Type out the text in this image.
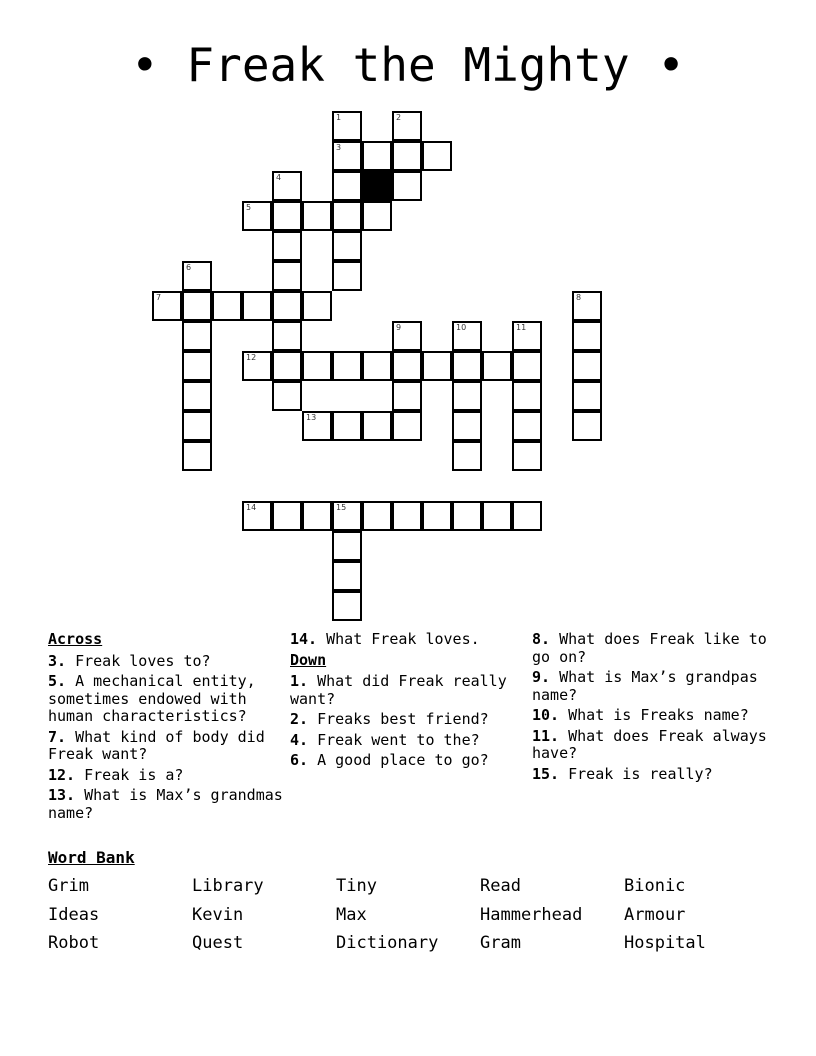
• Freak the Mighty •
1	2
3
4
5
6
7	8
9	10	11
12
13
14	15
Across
3. Freak loves to?
5. A mechanical entity, sometimes endowed with human characteristics?
7. What kind of body did Freak want?
12. Freak is a?
13. What is Max’s grandmas name?
14. What Freak loves.
Down
1. What did Freak really want?
2. Freaks best friend?
4. Freak went to the?
6. A good place to go?
8. What does Freak like to go on?
9. What is Max’s grandpas name?
10. What is Freaks name?
11. What does Freak always have?
15. Freak is really?
Word Bank
Grim	Library	Tiny	Read	Bionic
Ideas	Kevin	Max	Hammerhead Armour
Robot	Quest	Dictionary Gram	Hospital
